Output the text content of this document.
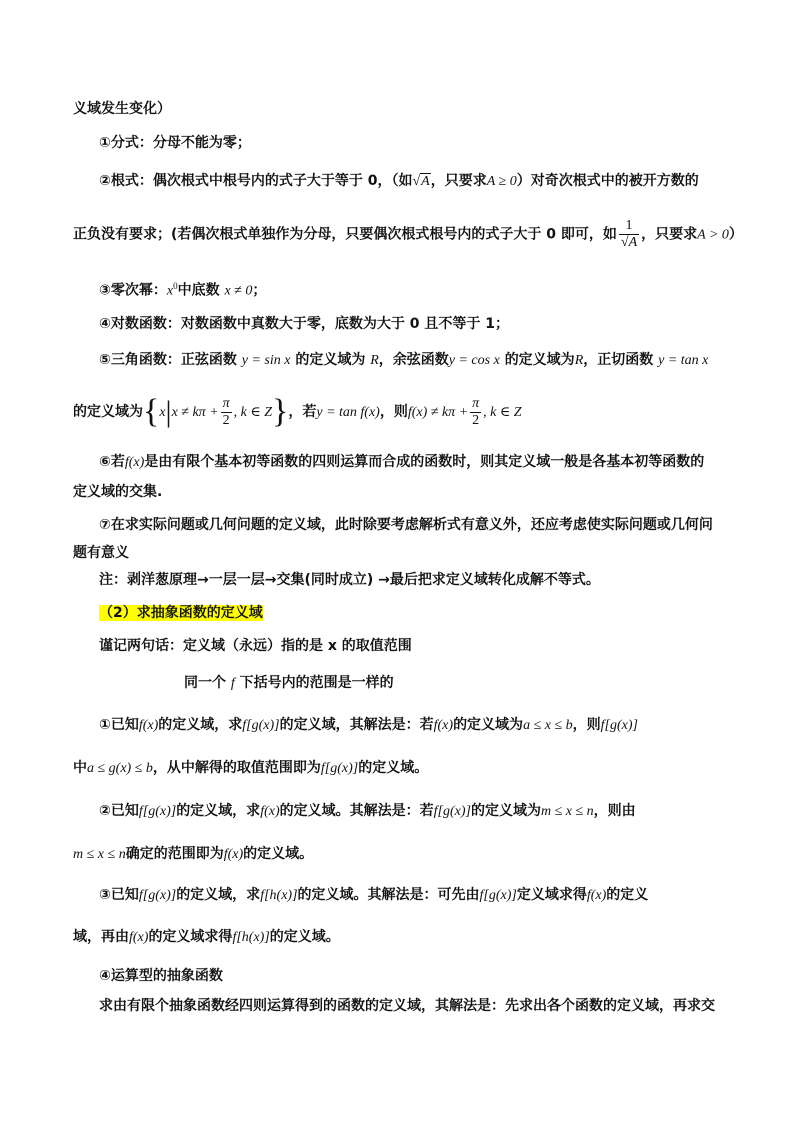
义域发生变化）
①分式：分母不能为零；
②根式：偶次根式中根号内的式子大于等于 0，（如√A，只要求A ≥ 0）对奇次根式中的被开方数的
正负没有要求；(若偶次根式单独作为分母，只要偶次根式根号内的式子大于 0 即可，如 $\frac{1}{√A}$ ，只要求A > 0）
③零次幂：$x^0$中底数 x ≠ 0；
④对数函数：对数函数中真数大于零，底数为大于 0 且不等于 1；
⑤三角函数：正弦函数 y = sin x 的定义域为 R，余弦函数y = cos x 的定义域为R，正切函数 y = tan x
的定义域为{$x|x \ne k\pi + \frac{\pi}{2}$ , k ∈ Z}，若y = tan f(x)，则$f(x) \ne k\pi + \frac{\pi}{2}$ , k ∈ Z
⑥若f(x)是由有限个基本初等函数的四则运算而合成的函数时，则其定义域一般是各基本初等函数的
定义域的交集.
⑦在求实际问题或几何问题的定义域，此时除要考虑解析式有意义外，还应考虑使实际问题或几何问
题有意义
注：剥洋葱原理→一层一层→交集(同时成立) →最后把求定义域转化成解不等式。
（2）求抽象函数的定义域
谨记两句话：定义域（永远）指的是 x 的取值范围
同一个 f 下括号内的范围是一样的
①已知f(x)的定义域，求f[g(x)]的定义域，其解法是：若f(x)的定义域为a ≤ x ≤ b，则f[g(x)]
中a ≤ g(x) ≤ b，从中解得的取值范围即为f[g(x)]的定义域。
②已知f[g(x)]的定义域，求f(x)的定义域。其解法是：若f[g(x)]的定义域为m ≤ x ≤ n，则由
m ≤ x ≤ n确定的范围即为f(x)的定义域。
③已知f[g(x)]的定义域，求f[h(x)]的定义域。其解法是：可先由f[g(x)]定义域求得f(x)的定义
域，再由f(x)的定义域求得f[h(x)]的定义域。
④运算型的抽象函数
求由有限个抽象函数经四则运算得到的函数的定义域，其解法是：先求出各个函数的定义域，再求交
